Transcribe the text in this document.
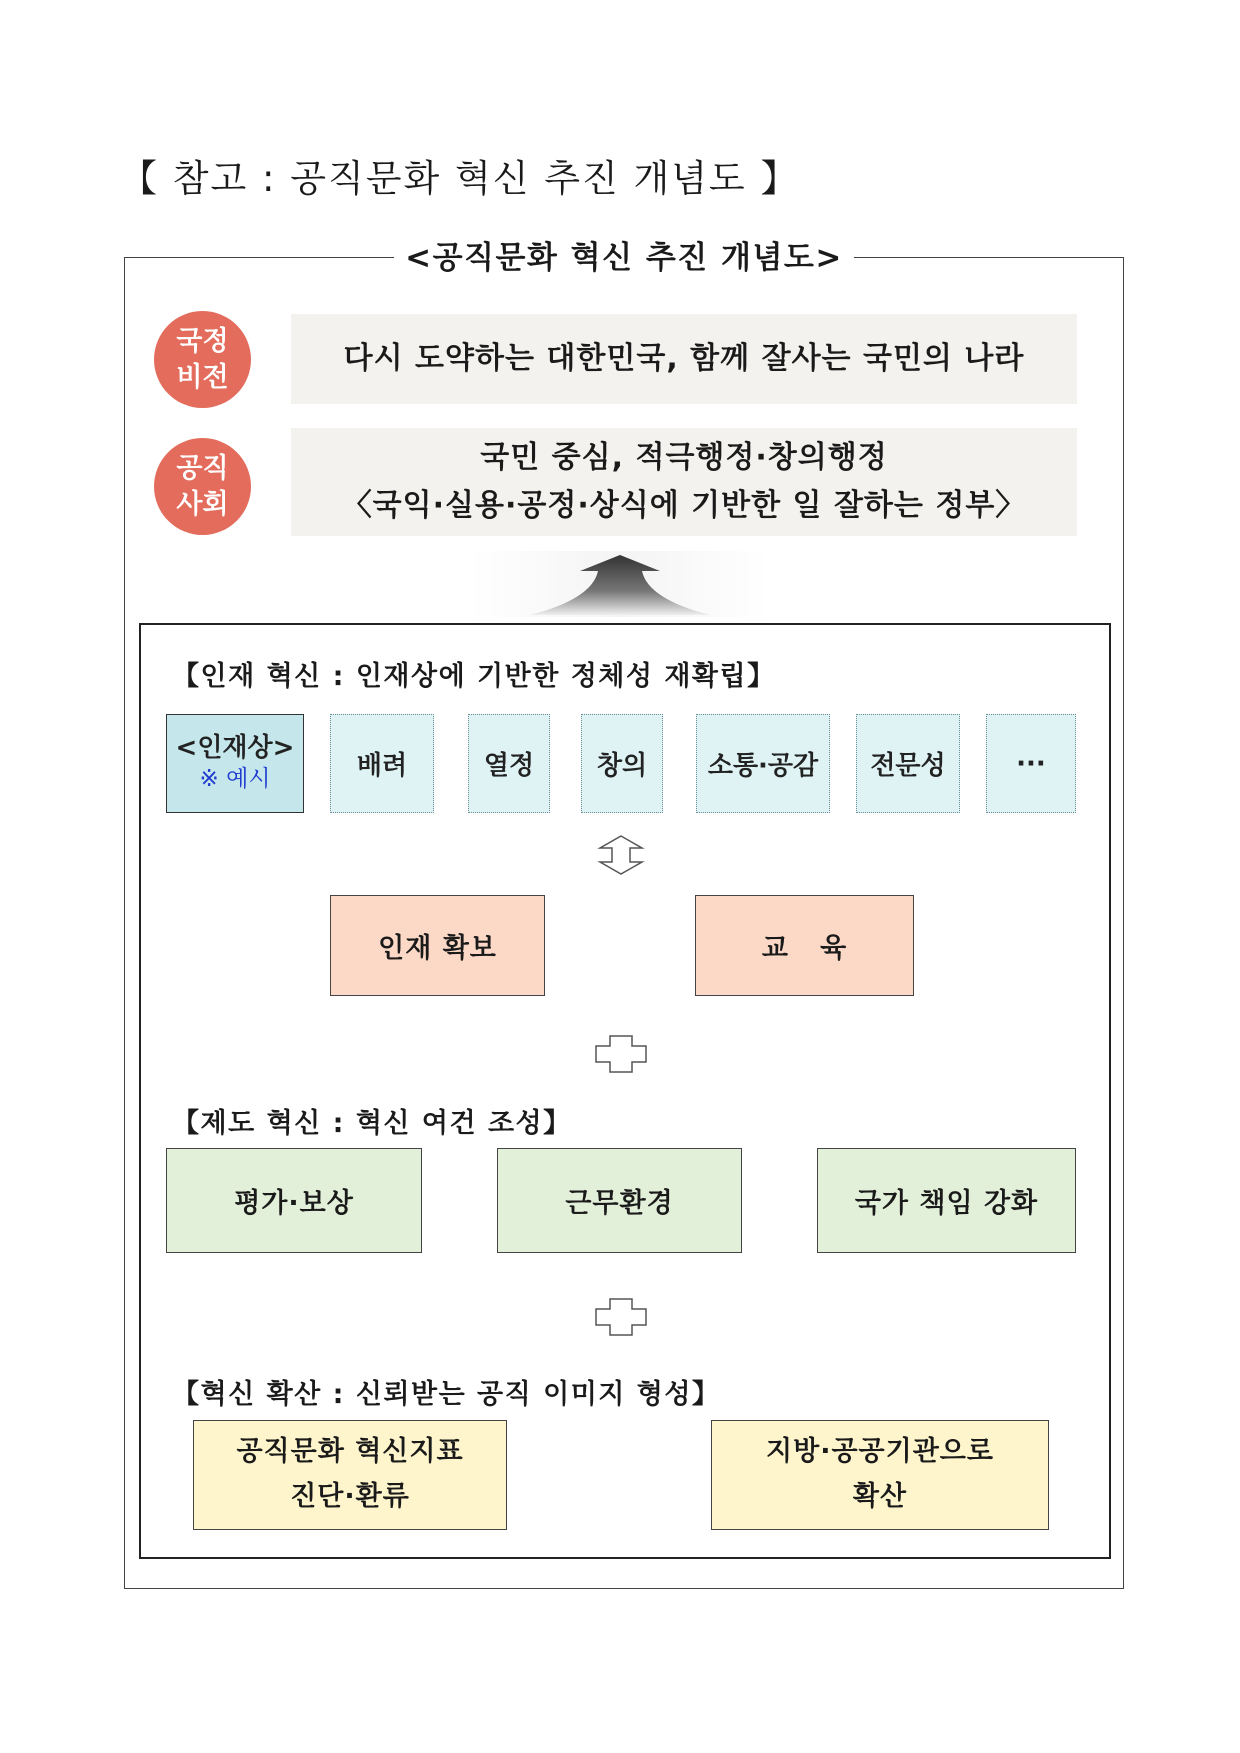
【 참고 : 공직문화 혁신 추진 개념도 】
<공직문화 혁신 추진 개념도>
국정
비전
다시 도약하는 대한민국, 함께 잘사는 국민의 나라
공직
사회
국민 중심, 적극행정·창의행정
〈국익·실용·공정·상식에 기반한 일 잘하는 정부〉
【인재 혁신 : 인재상에 기반한 정체성 재확립】
<인재상>
※ 예시	배려	열정	창의	소통·공감	전문성	···
인재 확보	교   육
【제도 혁신 : 혁신 여건 조성】
평가·보상	근무환경	국가 책임 강화
【혁신 확산 : 신뢰받는 공직 이미지 형성】
공직문화 혁신지표
진단·환류
지방·공공기관으로
확산
